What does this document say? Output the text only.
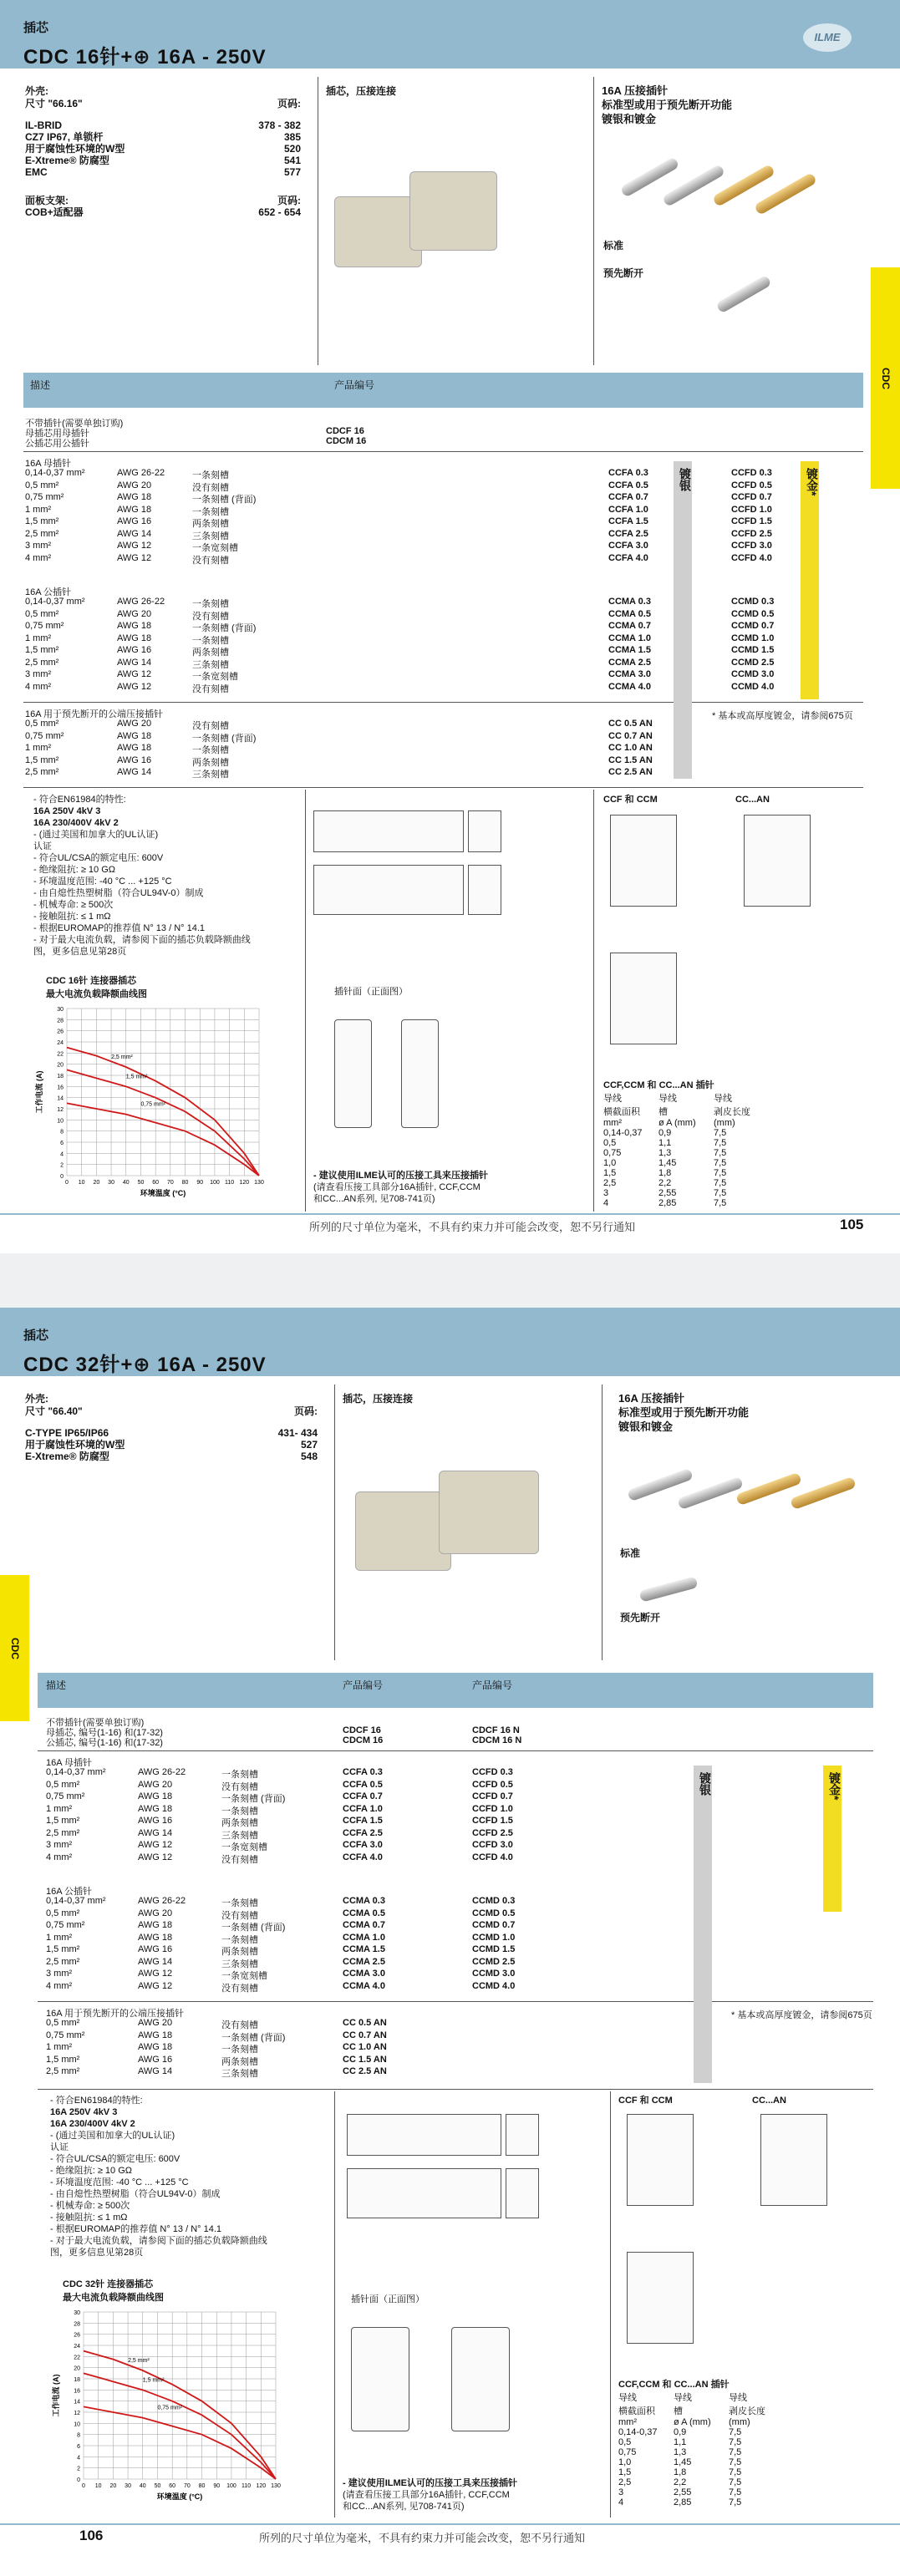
插芯
CDC 16针+⊕ 16A - 250V
ILME
外壳:
尺寸 "66.16"	页码:
IL-BRID	378 - 382
CZ7 IP67, 单锁杆	385
用于腐蚀性环境的W型	520
E-Xtreme® 防腐型	541
EMC	577
面板支架:	页码:
COB+适配器	652 - 654
插芯，压接连接	16A 压接插针
标准型或用于预先断开功能
镀银和镀金
标准
预先断开
CDC
描述	产品编号
不带插针(需要单独订购)
母插芯用母插针	CDCF 16
公插芯用公插针	CDCM 16
16A 母插针
0,14-0,37 mm²	AWG 26-22	一条刻槽	CCFA 0.3	CCFD 0.3
0,5 mm²	AWG 20	没有刻槽	CCFA 0.5	CCFD 0.5
0,75 mm²	AWG 18	一条刻槽 (背面)	CCFA 0.7	CCFD 0.7
1 mm²	AWG 18	一条刻槽	CCFA 1.0	CCFD 1.0
1,5 mm²	AWG 16	两条刻槽	CCFA 1.5	CCFD 1.5
2,5 mm²	AWG 14	三条刻槽	CCFA 2.5	CCFD 2.5
3 mm²	AWG 12	一条宽刻槽	CCFA 3.0	CCFD 3.0
4 mm²	AWG 12	没有刻槽	CCFA 4.0	CCFD 4.0
16A 公插针
0,14-0,37 mm²	AWG 26-22	一条刻槽	CCMA 0.3	CCMD 0.3
0,5 mm²	AWG 20	没有刻槽	CCMA 0.5	CCMD 0.5
0,75 mm²	AWG 18	一条刻槽 (背面)	CCMA 0.7	CCMD 0.7
1 mm²	AWG 18	一条刻槽	CCMA 1.0	CCMD 1.0
1,5 mm²	AWG 16	两条刻槽	CCMA 1.5	CCMD 1.5
2,5 mm²	AWG 14	三条刻槽	CCMA 2.5	CCMD 2.5
3 mm²	AWG 12	一条宽刻槽	CCMA 3.0	CCMD 3.0
4 mm²	AWG 12	没有刻槽	CCMA 4.0	CCMD 4.0
16A 用于预先断开的公端压接插针
0,5 mm²	AWG 20	没有刻槽	CC 0.5 AN
0,75 mm²	AWG 18	一条刻槽 (背面)	CC 0.7 AN
1 mm²	AWG 18	一条刻槽	CC 1.0 AN
1,5 mm²	AWG 16	两条刻槽	CC 1.5 AN
2,5 mm²	AWG 14	三条刻槽	CC 2.5 AN
镀银	镀金*
* 基本或高厚度镀金，请参阅675页
- 符合EN61984的特性:
16A 250V 4kV 3
16A 230/400V 4kV 2
- (通过美国和加拿大的UL认证)
认证
- 符合UL/CSA的额定电压: 600V
- 绝缘阻抗: ≥ 10 GΩ
- 环境温度范围: -40 °C ... +125 °C
- 由自熄性热塑树脂（符合UL94V-0）制成
- 机械寿命: ≥ 500次
- 接触阻抗: ≤ 1 mΩ
- 根据EUROMAP的推荐值 N° 13 / N° 14.1
- 对于最大电流负载，请参阅下面的插芯负载降额曲线
图，更多信息见第28页
CDC 16针 连接器插芯
最大电流负载降额曲线图
0
2
4
6
8
10
12
14
16
18
20
22
24
26
28
30
0 10 20 30 40 50 60 70 80 90 100 110 120 130
环境温度 (°C)
工作电流 (A)
2,5 mm²
1,5 mm²
0,75 mm²
插针面（正面图）
- 建议使用ILME认可的压接工具来压接插针
(请查看压接工具部分16A插针, CCF,CCM
和CC...AN系列, 见708-741页)
CCF 和 CCM	CC...AN
CCF,CCM 和 CC...AN 插针
导线	导线	导线
横截面积	槽	剥皮长度
mm²	ø A (mm)	(mm)
0,14-0,37	0,9	7,5
0,5	1,1	7,5
0,75	1,3	7,5
1,0	1,45	7,5
1,5	1,8	7,5
2,5	2,2	7,5
3	2,55	7,5
4	2,85	7,5
所列的尺寸单位为毫米，不具有约束力并可能会改变，恕不另行通知	105
插芯
CDC 32针+⊕ 16A - 250V
外壳:
尺寸 "66.40"	页码:
C-TYPE IP65/IP66	431- 434
用于腐蚀性环境的W型	527
E-Xtreme® 防腐型	548
插芯，压接连接	16A 压接插针
标准型或用于预先断开功能
镀银和镀金
标准
预先断开
CDC
描述	产品编号	产品编号
不带插针(需要单独订购)
母插芯, 编号(1-16) 和(17-32)	CDCF 16	CDCF 16 N
公插芯, 编号(1-16) 和(17-32)	CDCM 16	CDCM 16 N
16A 母插针
0,14-0,37 mm²	AWG 26-22	一条刻槽	CCFA 0.3	CCFD 0.3
0,5 mm²	AWG 20	没有刻槽	CCFA 0.5	CCFD 0.5
0,75 mm²	AWG 18	一条刻槽 (背面)	CCFA 0.7	CCFD 0.7
1 mm²	AWG 18	一条刻槽	CCFA 1.0	CCFD 1.0
1,5 mm²	AWG 16	两条刻槽	CCFA 1.5	CCFD 1.5
2,5 mm²	AWG 14	三条刻槽	CCFA 2.5	CCFD 2.5
3 mm²	AWG 12	一条宽刻槽	CCFA 3.0	CCFD 3.0
4 mm²	AWG 12	没有刻槽	CCFA 4.0	CCFD 4.0
16A 公插针
0,14-0,37 mm²	AWG 26-22	一条刻槽	CCMA 0.3	CCMD 0.3
0,5 mm²	AWG 20	没有刻槽	CCMA 0.5	CCMD 0.5
0,75 mm²	AWG 18	一条刻槽 (背面)	CCMA 0.7	CCMD 0.7
1 mm²	AWG 18	一条刻槽	CCMA 1.0	CCMD 1.0
1,5 mm²	AWG 16	两条刻槽	CCMA 1.5	CCMD 1.5
2,5 mm²	AWG 14	三条刻槽	CCMA 2.5	CCMD 2.5
3 mm²	AWG 12	一条宽刻槽	CCMA 3.0	CCMD 3.0
4 mm²	AWG 12	没有刻槽	CCMA 4.0	CCMD 4.0
16A 用于预先断开的公端压接插针
0,5 mm²	AWG 20	没有刻槽	CC 0.5 AN
0,75 mm²	AWG 18	一条刻槽 (背面)	CC 0.7 AN
1 mm²	AWG 18	一条刻槽	CC 1.0 AN
1,5 mm²	AWG 16	两条刻槽	CC 1.5 AN
2,5 mm²	AWG 14	三条刻槽	CC 2.5 AN
镀银	镀金*
* 基本或高厚度镀金，请参阅675页
- 符合EN61984的特性:
16A 250V 4kV 3
16A 230/400V 4kV 2
- (通过美国和加拿大的UL认证)
认证
- 符合UL/CSA的额定电压: 600V
- 绝缘阻抗: ≥ 10 GΩ
- 环境温度范围: -40 °C ... +125 °C
- 由自熄性热塑树脂（符合UL94V-0）制成
- 机械寿命: ≥ 500次
- 接触阻抗: ≤ 1 mΩ
- 根据EUROMAP的推荐值 N° 13 / N° 14.1
- 对于最大电流负载，请参阅下面的插芯负载降额曲线
图，更多信息见第28页
CDC 32针 连接器插芯
最大电流负载降额曲线图
0
2
4
6
8
10
12
14
16
18
20
22
24
26
28
30
0 10 20 30 40 50 60 70 80 90 100 110 120 130
环境温度 (°C)
工作电流 (A)
2,5 mm²
1,5 mm²
0,75 mm²
插针面（正面图）
- 建议使用ILME认可的压接工具来压接插针
(请查看压接工具部分16A插针, CCF,CCM
和CC...AN系列, 见708-741页)
CCF 和 CCM	CC...AN
CCF,CCM 和 CC...AN 插针
导线	导线	导线
横截面积	槽	剥皮长度
mm²	ø A (mm)	(mm)
0,14-0,37	0,9	7,5
0,5	1,1	7,5
0,75	1,3	7,5
1,0	1,45	7,5
1,5	1,8	7,5
2,5	2,2	7,5
3	2,55	7,5
4	2,85	7,5
106	所列的尺寸单位为毫米，不具有约束力并可能会改变，恕不另行通知
